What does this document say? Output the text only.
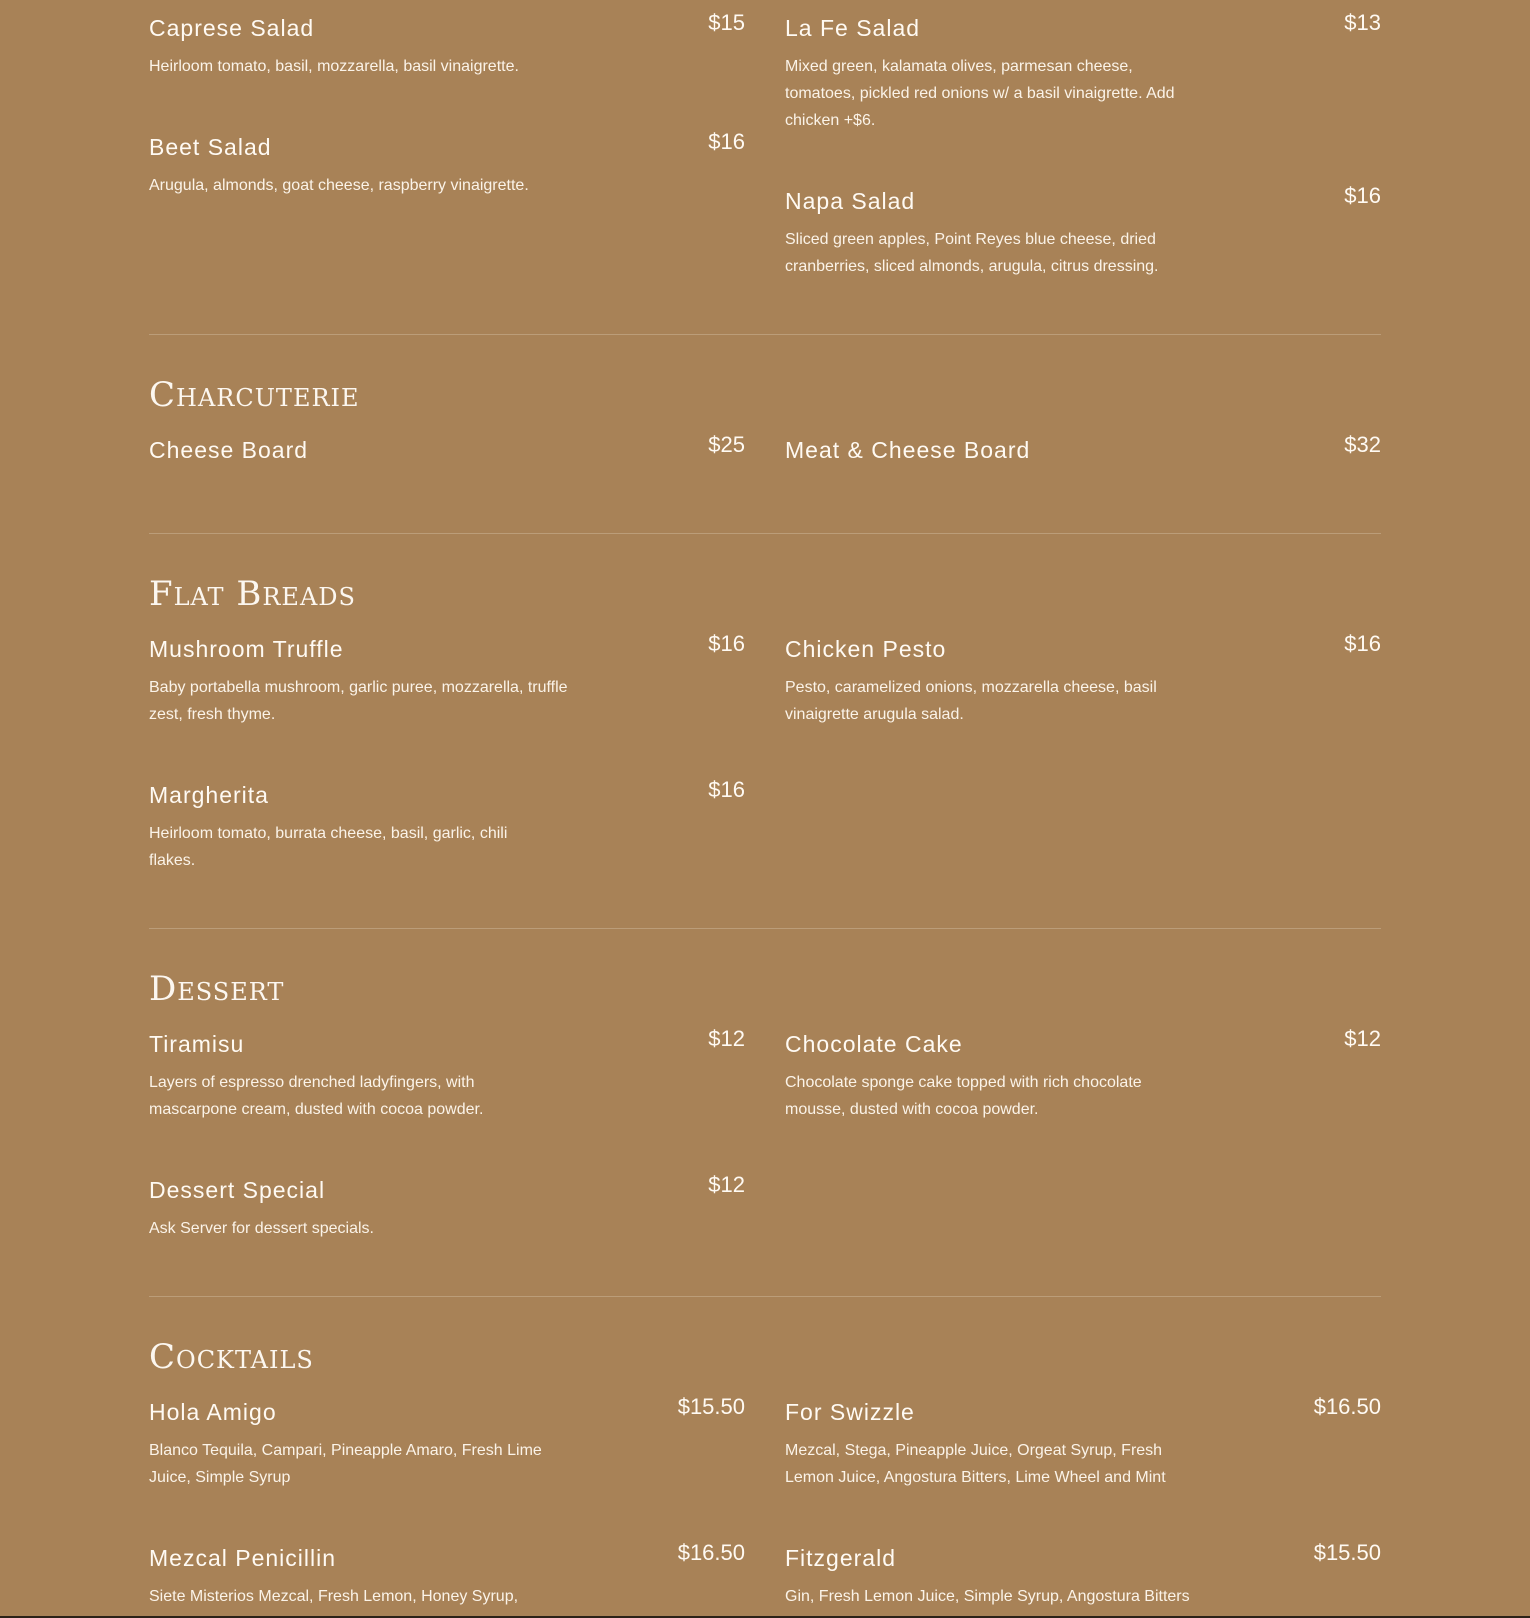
Caprese Salad	$15
Heirloom tomato, basil, mozzarella, basil vinaigrette.
Beet Salad	$16
Arugula, almonds, goat cheese, raspberry vinaigrette.
La Fe Salad	$13
Mixed green, kalamata olives, parmesan cheese, tomatoes, pickled red onions w/ a basil vinaigrette. Add chicken +$6.
Napa Salad	$16
Sliced green apples, Point Reyes blue cheese, dried cranberries, sliced almonds, arugula, citrus dressing.
Charcuterie
Cheese Board	$25 Meat & Cheese Board	$32
Flat Breads
Mushroom Truffle	$16
Baby portabella mushroom, garlic puree, mozzarella, truffle zest, fresh thyme.
Margherita	$16
Heirloom tomato, burrata cheese, basil, garlic, chili flakes.
Chicken Pesto	$16
Pesto, caramelized onions, mozzarella cheese, basil vinaigrette arugula salad.
Dessert
Tiramisu	$12
Layers of espresso drenched ladyfingers, with mascarpone cream, dusted with cocoa powder.
Dessert Special	$12
Ask Server for dessert specials.
Chocolate Cake	$12
Chocolate sponge cake topped with rich chocolate mousse, dusted with cocoa powder.
Cocktails
Hola Amigo	$15.50
Blanco Tequila, Campari, Pineapple Amaro, Fresh Lime Juice, Simple Syrup
Mezcal Penicillin	$16.50
Siete Misterios Mezcal, Fresh Lemon, Honey Syrup,
For Swizzle	$16.50
Mezcal, Stega, Pineapple Juice, Orgeat Syrup, Fresh Lemon Juice, Angostura Bitters, Lime Wheel and Mint
Fitzgerald	$15.50
Gin, Fresh Lemon Juice, Simple Syrup, Angostura Bitters
